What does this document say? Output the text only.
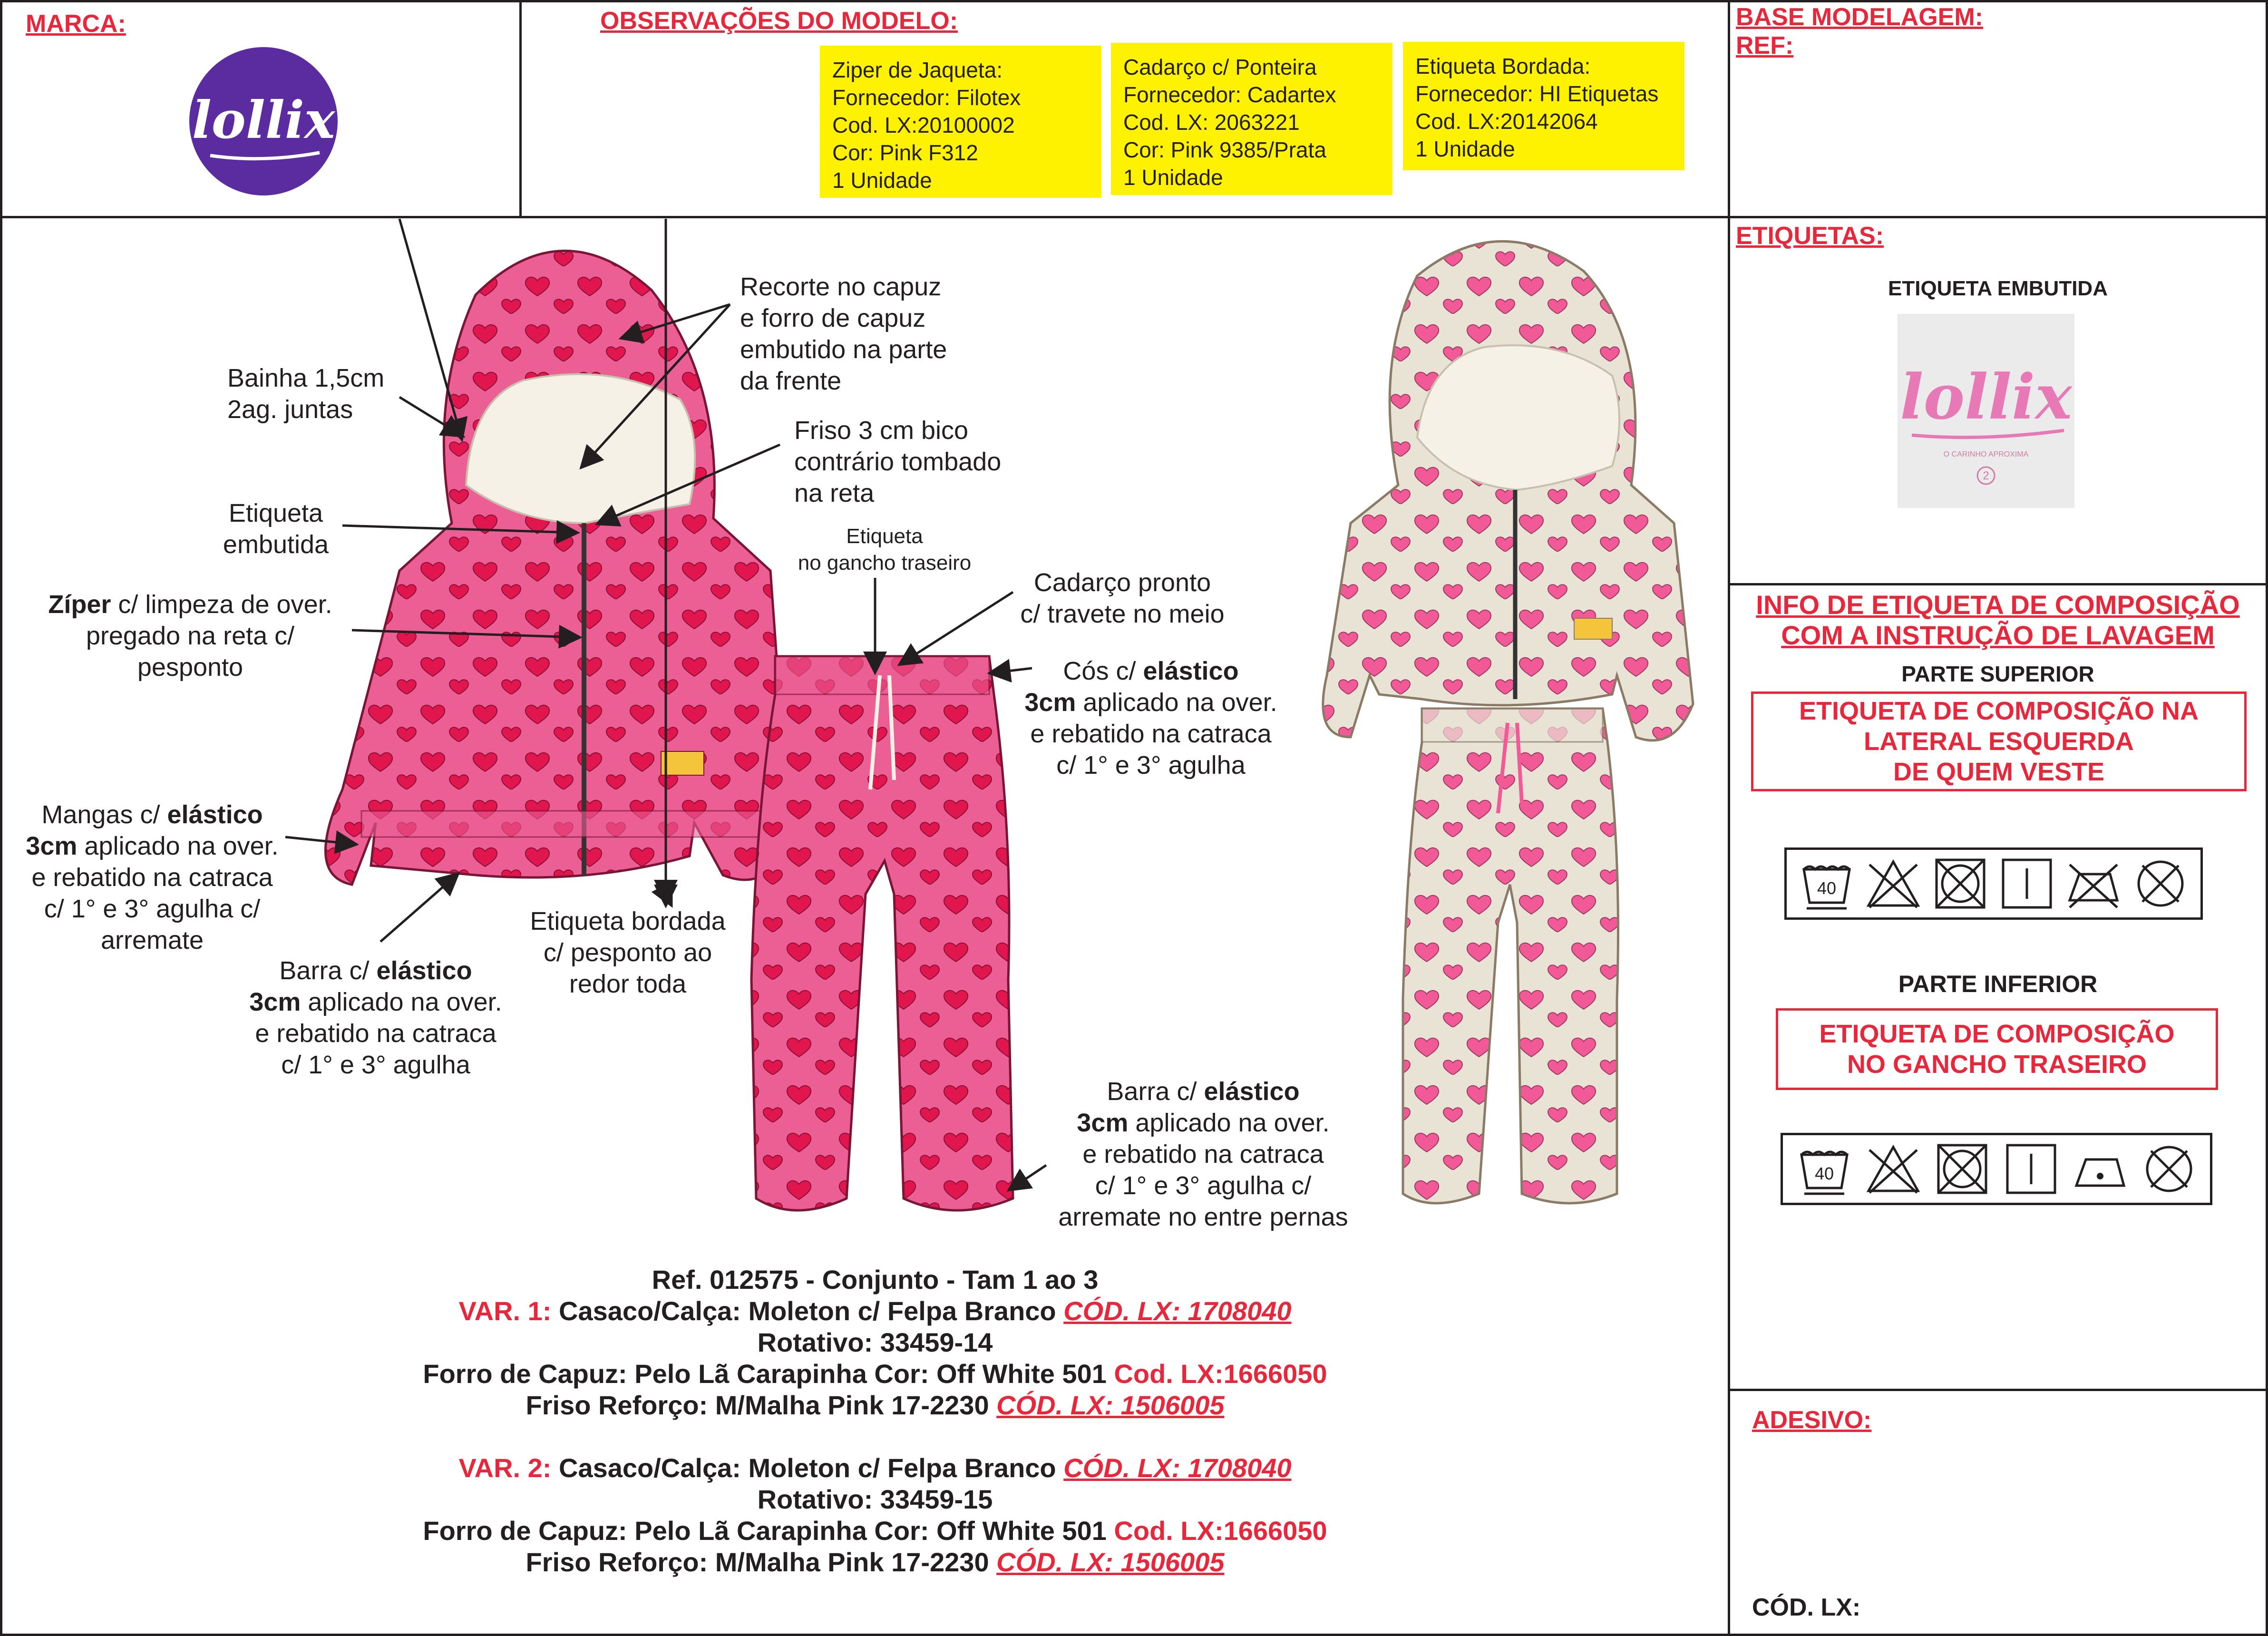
MARCA:
lollix
OBSERVAÇÕES DO MODELO:	BASE MODELAGEM:
REF:
Ziper de Jaqueta:
Fornecedor: Filotex
Cod. LX:20100002
Cor: Pink F312
1 Unidade
Cadarço c/ Ponteira
Fornecedor: Cadartex
Cod. LX: 2063221
Cor: Pink 9385/Prata
1 Unidade
Etiqueta Bordada:
Fornecedor: HI Etiquetas
Cod. LX:20142064
1 Unidade
Bainha 1,5cm
2ag. juntas
Recorte no capuz
e forro de capuz
embutido na parte
da frente
Friso 3 cm bico
contrário tombado
na reta
Etiqueta
embutida	Etiqueta
no gancho traseiro
Cadarço pronto
c/ travete no meio
Zíper c/ limpeza de over.
pregado na reta c/
pesponto	Cós c/ elástico
3cm aplicado na over.
e rebatido na catraca
c/ 1° e 3° agulha
Mangas c/ elástico
3cm aplicado na over.
e rebatido na catraca
c/ 1° e 3° agulha c/
arremate
Etiqueta bordada
c/ pesponto ao
redor toda
Barra c/ elástico
3cm aplicado na over.
e rebatido na catraca
c/ 1° e 3° agulha
Barra c/ elástico
3cm aplicado na over.
e rebatido na catraca
c/ 1° e 3° agulha c/
arremate no entre pernas
Ref. 012575 - Conjunto - Tam 1 ao 3
VAR. 1: Casaco/Calça: Moleton c/ Felpa Branco CÓD. LX: 1708040
Rotativo: 33459-14
Forro de Capuz: Pelo Lã Carapinha Cor: Off White 501 Cod. LX:1666050
Friso Reforço: M/Malha Pink 17-2230 CÓD. LX: 1506005
VAR. 2: Casaco/Calça: Moleton c/ Felpa Branco CÓD. LX: 1708040
Rotativo: 33459-15
Forro de Capuz: Pelo Lã Carapinha Cor: Off White 501 Cod. LX:1666050
Friso Reforço: M/Malha Pink 17-2230 CÓD. LX: 1506005
ETIQUETAS:
ETIQUETA EMBUTIDA
lollix
O CARINHO APROXIMA
2
INFO DE ETIQUETA DE COMPOSIÇÃO
COM A INSTRUÇÃO DE LAVAGEM
PARTE SUPERIOR
ETIQUETA DE COMPOSIÇÃO NA
LATERAL ESQUERDA
DE QUEM VESTE
40
PARTE INFERIOR
ETIQUETA DE COMPOSIÇÃO
NO GANCHO TRASEIRO
40
ADESIVO:
CÓD. LX:
